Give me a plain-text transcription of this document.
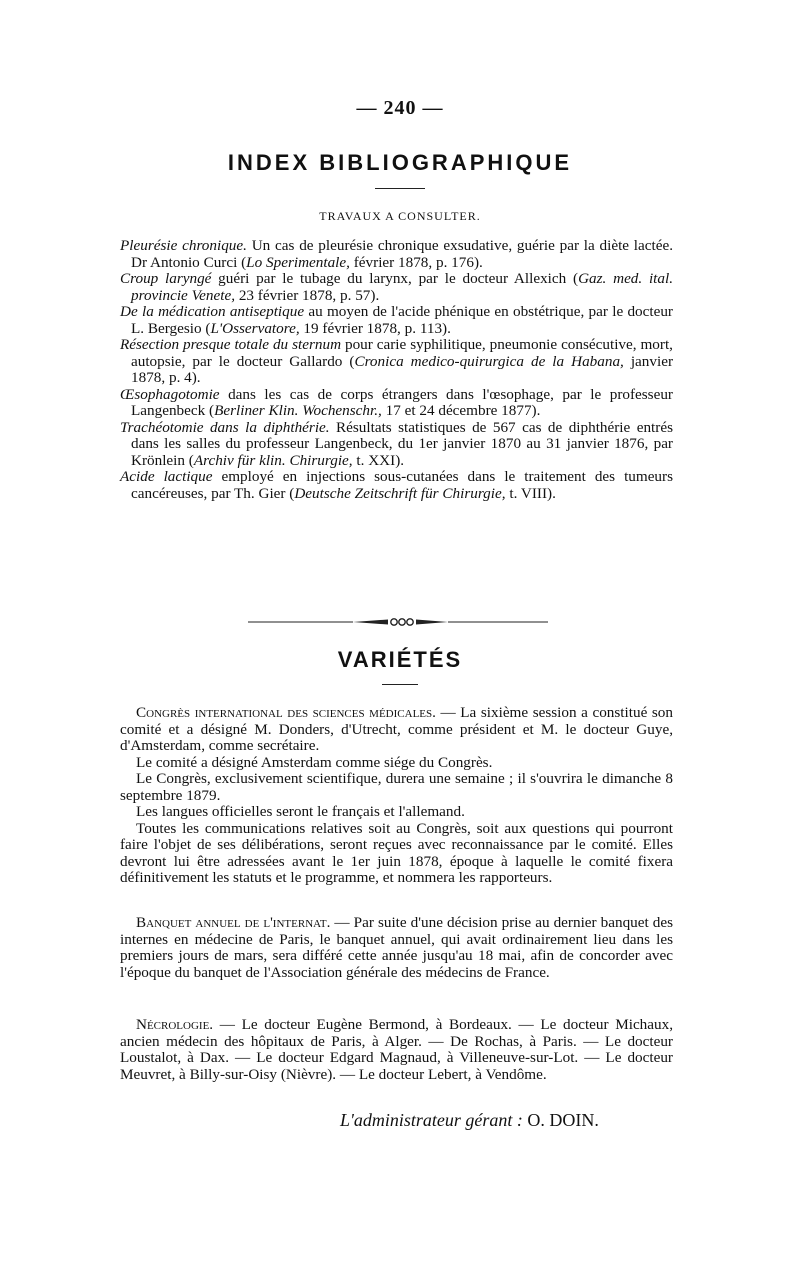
— 240 —
INDEX BIBLIOGRAPHIQUE
TRAVAUX A CONSULTER.

Pleurésie chronique. Un cas de pleurésie chronique exsudative, guérie par la diète lactée. Dr Antonio Curci (Lo Sperimentale, février 1878, p. 176).

Croup laryngé guéri par le tubage du larynx, par le docteur Allexich (Gaz. med. ital. provincie Venete, 23 février 1878, p. 57).

De la médication antiseptique au moyen de l'acide phénique en obstétrique, par le docteur L. Bergesio (L'Osservatore, 19 février 1878, p. 113).

Résection presque totale du sternum pour carie syphilitique, pneumonie consécutive, mort, autopsie, par le docteur Gallardo (Cronica medico-quirurgica de la Habana, janvier 1878, p. 4).

Œsophagotomie dans les cas de corps étrangers dans l'œsophage, par le professeur Langenbeck (Berliner Klin. Wochenschr., 17 et 24 décembre 1877).

Trachéotomie dans la diphthérie. Résultats statistiques de 567 cas de diphthérie entrés dans les salles du professeur Langenbeck, du 1er janvier 1870 au 31 janvier 1876, par Krönlein (Archiv für klin. Chirurgie, t. XXI).

Acide lactique employé en injections sous-cutanées dans le traitement des tumeurs cancéreuses, par Th. Gier (Deutsche Zeitschrift für Chirurgie, t. VIII).

VARIÉTÉS

Congrès international des sciences médicales. — La sixième session a constitué son comité et a désigné M. Donders, d'Utrecht, comme président et M. le docteur Guye, d'Amsterdam, comme secrétaire.

Le comité a désigné Amsterdam comme siége du Congrès.

Le Congrès, exclusivement scientifique, durera une semaine ; il s'ouvrira le dimanche 8 septembre 1879.

Les langues officielles seront le français et l'allemand.

Toutes les communications relatives soit au Congrès, soit aux questions qui pourront faire l'objet de ses délibérations, seront reçues avec reconnaissance par le comité. Elles devront lui être adressées avant le 1er juin 1878, époque à laquelle le comité fixera définitivement les statuts et le programme, et nommera les rapporteurs.

Banquet annuel de l'internat. — Par suite d'une décision prise au dernier banquet des internes en médecine de Paris, le banquet annuel, qui avait ordinairement lieu dans les premiers jours de mars, sera différé cette année jusqu'au 18 mai, afin de concorder avec l'époque du banquet de l'Association générale des médecins de France.

Nécrologie. — Le docteur Eugène Bermond, à Bordeaux. — Le docteur Michaux, ancien médecin des hôpitaux de Paris, à Alger. — De Rochas, à Paris. — Le docteur Loustalot, à Dax. — Le docteur Edgard Magnaud, à Villeneuve-sur-Lot. — Le docteur Meuvret, à Billy-sur-Oisy (Nièvre). — Le docteur Lebert, à Vendôme.

L'administrateur gérant : O. DOIN.
